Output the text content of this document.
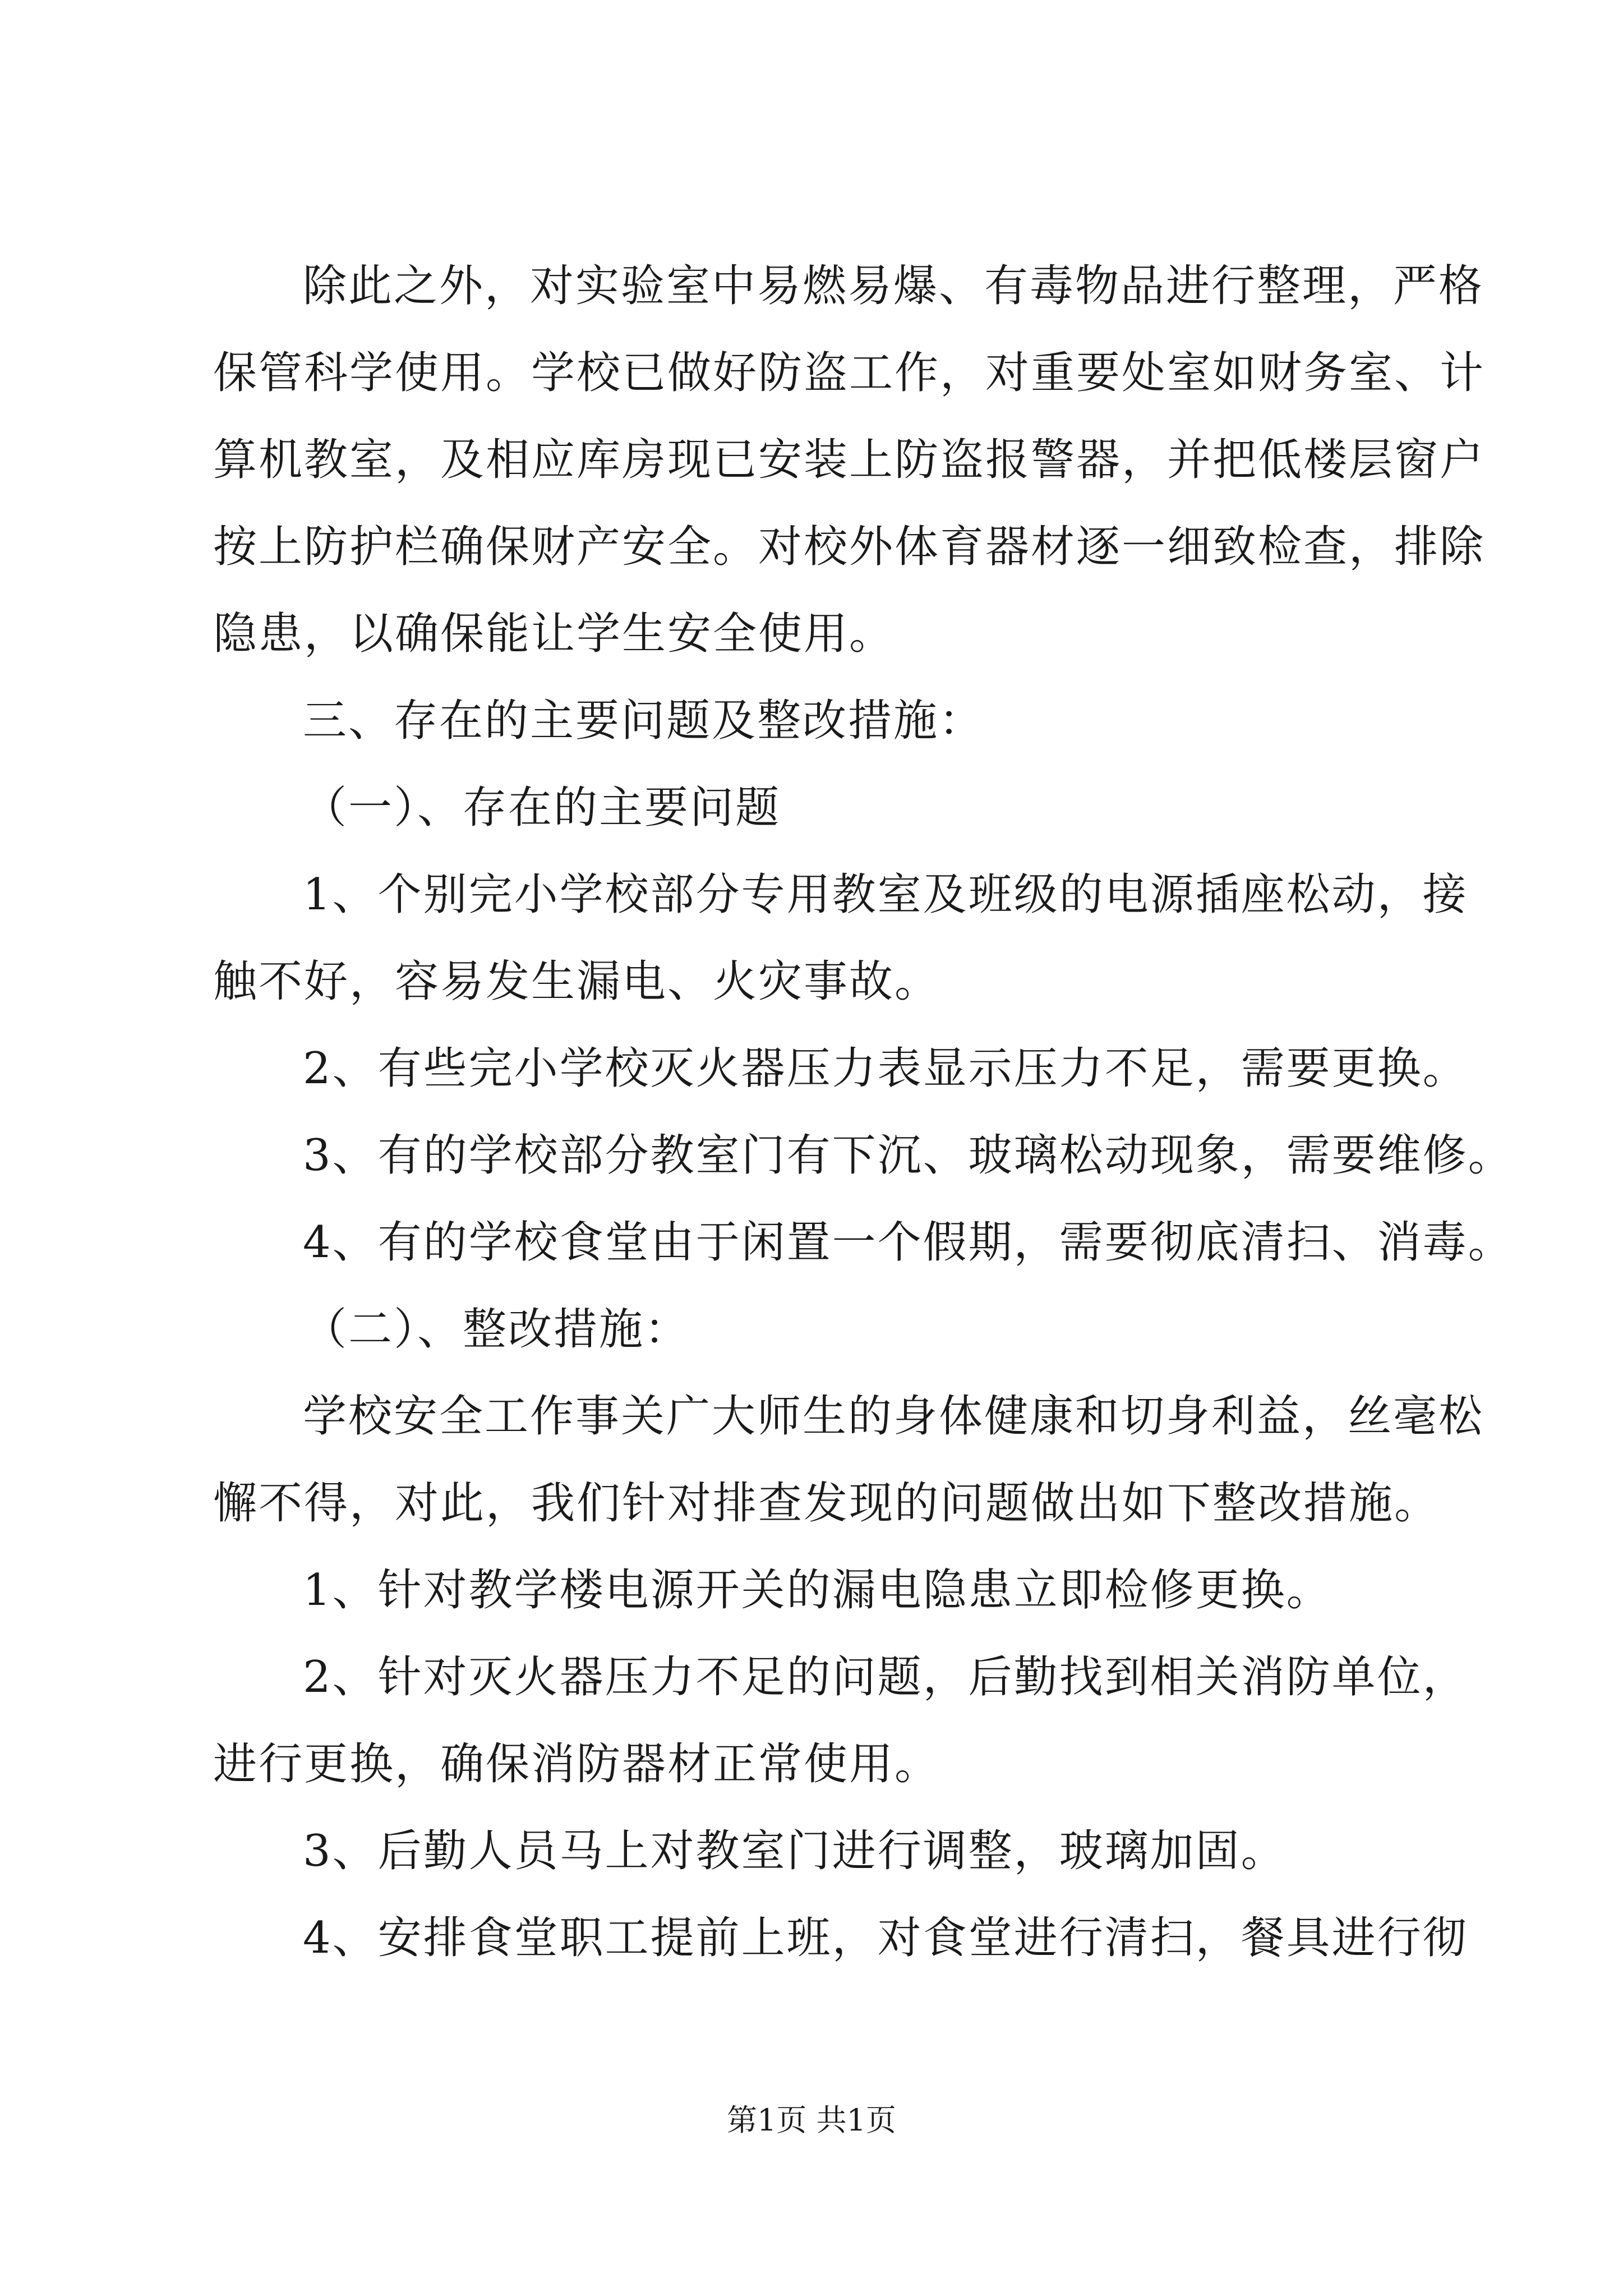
除此之外，对实验室中易燃易爆、有毒物品进行整理，严格
保管科学使用。学校已做好防盗工作，对重要处室如财务室、计
算机教室，及相应库房现已安装上防盗报警器，并把低楼层窗户
按上防护栏确保财产安全。对校外体育器材逐一细致检查，排除
隐患，以确保能让学生安全使用。
三、存在的主要问题及整改措施：
（一）、存在的主要问题
1、个别完小学校部分专用教室及班级的电源插座松动，接
触不好，容易发生漏电、火灾事故。
2、有些完小学校灭火器压力表显示压力不足，需要更换。
3、有的学校部分教室门有下沉、玻璃松动现象，需要维修。
4、有的学校食堂由于闲置一个假期，需要彻底清扫、消毒。
（二）、整改措施：
学校安全工作事关广大师生的身体健康和切身利益，丝毫松
懈不得，对此，我们针对排查发现的问题做出如下整改措施。
1、针对教学楼电源开关的漏电隐患立即检修更换。
2、针对灭火器压力不足的问题，后勤找到相关消防单位，
进行更换，确保消防器材正常使用。
3、后勤人员马上对教室门进行调整，玻璃加固。
4、安排食堂职工提前上班，对食堂进行清扫，餐具进行彻
第1页 共1页
